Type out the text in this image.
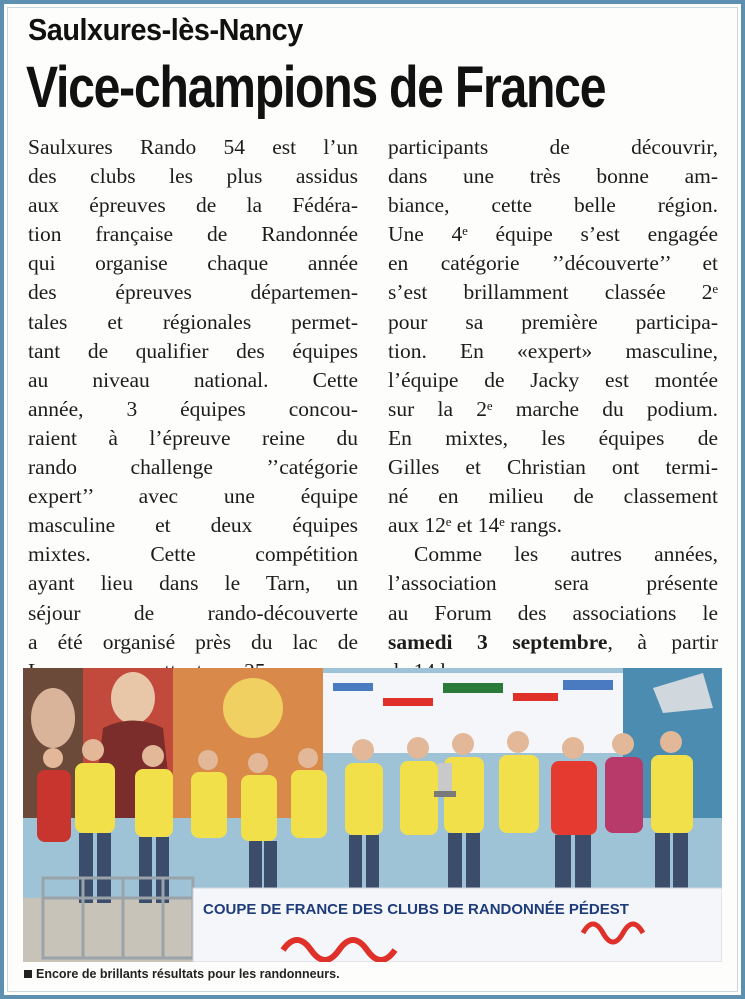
Saulxures-lès-Nancy
Vice-champions de France
Saulxures Rando 54 est l’un
des clubs les plus assidus
aux épreuves de la Fédéra-
tion française de Randonnée
qui organise chaque année
des épreuves départemen-
tales et régionales permet-
tant de qualifier des équipes
au niveau national. Cette
année, 3 équipes concou-
raient à l’épreuve reine du
rando challenge ’’catégorie
expert’’ avec une équipe
masculine et deux équipes
mixtes. Cette compétition
ayant lieu dans le Tarn, un
séjour de rando-découverte
a été organisé près du lac de
participants de découvrir,
dans une très bonne am-
biance, cette belle région.
Une 4ᵉ équipe s’est engagée
en catégorie ’’découverte’’ et
s’est brillamment classée 2ᵉ
pour sa première participa-
tion. En «expert» masculine,
l’équipe de Jacky est montée
sur la 2ᵉ marche du podium.
En mixtes, les équipes de
Gilles et Christian ont termi-
né en milieu de classement
aux 12ᵉ et 14ᵉ rangs.
Comme les autres années,
l’association sera présente
au Forum des associations le
samedi 3 septembre, à partir
COUPE DE FRANCE DES CLUBS DE RANDONNÉE PÉDEST
Encore de brillants résultats pour les randonneurs.
